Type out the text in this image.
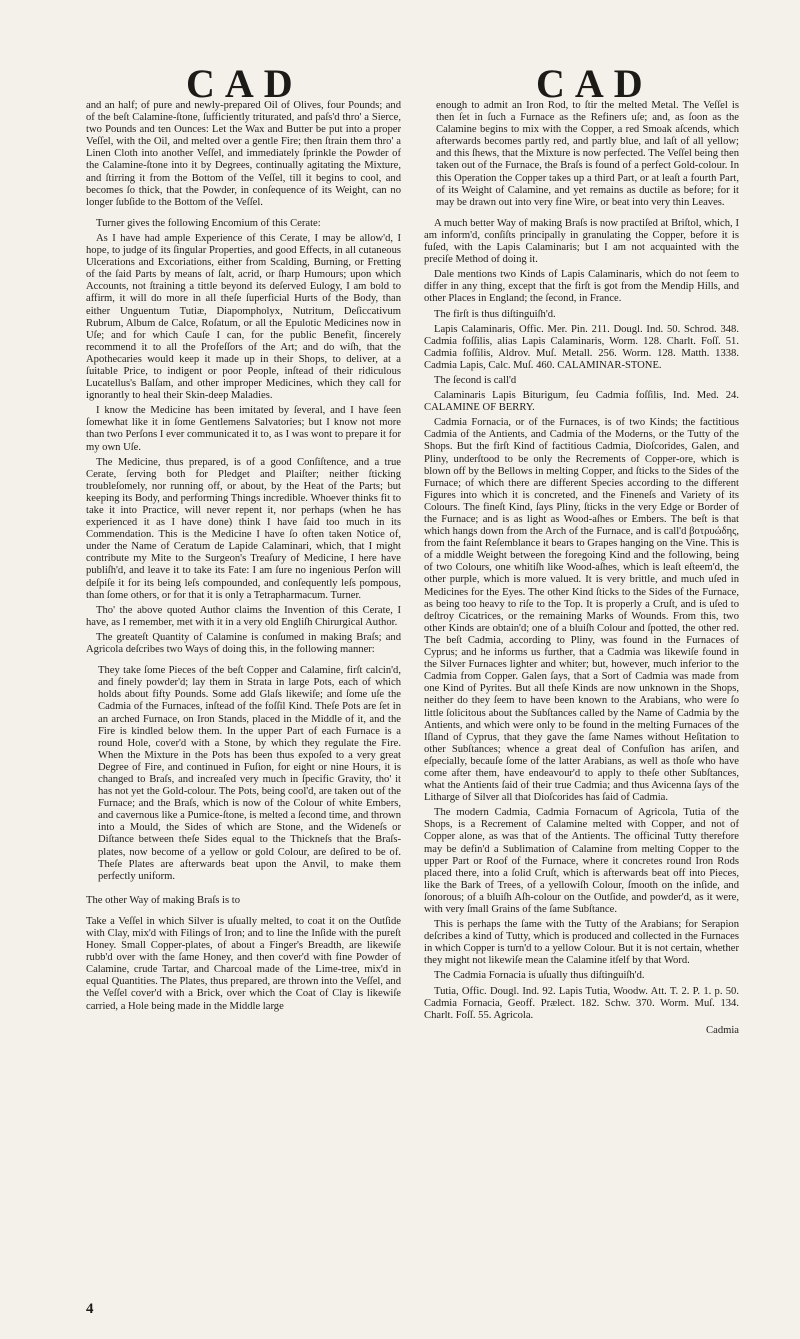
CAD	CAD

and an half; of pure and newly-prepared Oil of Olives, four Pounds; and of the beſt Calamine-ſtone, ſufficiently triturated, and paſs'd thro' a Sierce, two Pounds and ten Ounces: Let the Wax and Butter be put into a proper Veſſel, with the Oil, and melted over a gentle Fire; then ſtrain them thro' a Linen Cloth into another Veſſel, and immediately ſprinkle the Powder of the Calamine-ſtone into it by Degrees, continually agitating the Mixture, and ſtirring it from the Bottom of the Veſſel, till it begins to cool, and becomes ſo thick, that the Powder, in conſequence of its Weight, can no longer ſubſide to the Bottom of the Veſſel.

Turner gives the following Encomium of this Cerate:

As I have had ample Experience of this Cerate, I may be allow'd, I hope, to judge of its ſingular Properties, and good Effects, in all cutaneous Ulcerations and Excoriations, either from Scalding, Burning, or Fretting of the ſaid Parts by means of ſalt, acrid, or ſharp Humours; upon which Accounts, not ſtraining a tittle beyond its deſerved Eulogy, I am bold to affirm, it will do more in all theſe ſuperficial Hurts of the Body, than either Unguentum Tutiæ, Diapompholyx, Nutritum, Deſiccativum Rubrum, Album de Calce, Roſatum, or all the Epulotic Medicines now in Uſe; and for which Cauſe I can, for the public Benefit, ſincerely recommend it to all the Profeſſors of the Art; and do wiſh, that the Apothecaries would keep it made up in their Shops, to deliver, at a ſuitable Price, to indigent or poor People, inſtead of their ridiculous Lucatellus's Balſam, and other improper Medicines, which they call for ignorantly to heal their Skin-deep Maladies.

I know the Medicine has been imitated by ſeveral, and I have ſeen ſomewhat like it in ſome Gentlemens Salvatories; but I know not more than two Perſons I ever communicated it to, as I was wont to prepare it for my own Uſe.

The Medicine, thus prepared, is of a good Conſiſtence, and a true Cerate, ſerving both for Pledget and Plaiſter; neither ſticking troubleſomely, nor running off, or about, by the Heat of the Parts; but keeping its Body, and performing Things incredible. Whoever thinks fit to take it into Practice, will never repent it, nor perhaps (when he has experienced it as I have done) think I have ſaid too much in its Commendation. This is the Medicine I have ſo often taken Notice of, under the Name of Ceratum de Lapide Calaminari, which, that I might contribute my Mite to the Surgeon's Treaſury of Medicine, I here have publiſh'd, and leave it to take its Fate: I am ſure no ingenious Perſon will deſpiſe it for its being leſs compounded, and conſequently leſs pompous, than ſome others, or for that it is only a Tetrapharmacum. Turner.

Tho' the above quoted Author claims the Invention of this Cerate, I have, as I remember, met with it in a very old Engliſh Chirurgical Author.

The greateſt Quantity of Calamine is conſumed in making Braſs; and Agricola deſcribes two Ways of doing this, in the following manner:

They take ſome Pieces of the beſt Copper and Calamine, firſt calcin'd, and finely powder'd; lay them in Strata in large Pots, each of which holds about fifty Pounds. Some add Glaſs likewiſe; and ſome uſe the Cadmia of the Furnaces, inſtead of the foſſil Kind. Theſe Pots are ſet in an arched Furnace, on Iron Stands, placed in the Middle of it, and the Fire is kindled below them. In the upper Part of each Furnace is a round Hole, cover'd with a Stone, by which they regulate the Fire. When the Mixture in the Pots has been thus expoſed to a very great Degree of Fire, and continued in Fuſion, for eight or nine Hours, it is changed to Braſs, and increaſed very much in ſpecific Gravity, tho' it has not yet the Gold-colour. The Pots, being cool'd, are taken out of the Furnace; and the Braſs, which is now of the Colour of white Embers, and cavernous like a Pumice-ſtone, is melted a ſecond time, and thrown into a Mould, the Sides of which are Stone, and the Wideneſs or Diſtance between theſe Sides equal to the Thickneſs that the Braſs-plates, now become of a yellow or gold Colour, are deſired to be of. Theſe Plates are afterwards beat upon the Anvil, to make them perfectly uniform.

The other Way of making Braſs is to

Take a Veſſel in which Silver is uſually melted, to coat it on the Outſide with Clay, mix'd with Filings of Iron; and to line the Inſide with the pureſt Honey. Small Copper-plates, of about a Finger's Breadth, are likewiſe rubb'd over with the ſame Honey, and then cover'd with fine Powder of Calamine, crude Tartar, and Charcoal made of the Lime-tree, mix'd in equal Quantities. The Plates, thus prepared, are thrown into the Veſſel, and the Veſſel cover'd with a Brick, over which the Coat of Clay is likewiſe carried, a Hole being made in the Middle large

enough to admit an Iron Rod, to ſtir the melted Metal. The Veſſel is then ſet in ſuch a Furnace as the Refiners uſe; and, as ſoon as the Calamine begins to mix with the Copper, a red Smoak aſcends, which afterwards becomes partly red, and partly blue, and laſt of all yellow; and this ſhews, that the Mixture is now perfected. The Veſſel being then taken out of the Furnace, the Braſs is found of a perfect Gold-colour. In this Operation the Copper takes up a third Part, or at leaſt a fourth Part, of its Weight of Calamine, and yet remains as ductile as before; for it may be drawn out into very fine Wire, or beat into very thin Leaves.

A much better Way of making Braſs is now practiſed at Briſtol, which, I am inform'd, conſiſts principally in granulating the Copper, before it is fuſed, with the Lapis Calaminaris; but I am not acquainted with the preciſe Method of doing it.

Dale mentions two Kinds of Lapis Calaminaris, which do not ſeem to differ in any thing, except that the firſt is got from the Mendip Hills, and other Places in England; the ſecond, in France.

The firſt is thus diſtinguiſh'd.

Lapis Calaminaris, Offic. Mer. Pin. 211. Dougl. Ind. 50. Schrod. 348. Cadmia foſſilis, alias Lapis Calaminaris, Worm. 128. Charlt. Foſſ. 51. Cadmia foſſilis, Aldrov. Muſ. Metall. 256. Worm. 128. Matth. 1338. Cadmia Lapis, Calc. Muſ. 460. CALAMINAR-STONE.

The ſecond is call'd

Calaminaris Lapis Biturigum, ſeu Cadmia foſſilis, Ind. Med. 24. CALAMINE OF BERRY.

Cadmia Fornacia, or of the Furnaces, is of two Kinds; the factitious Cadmia of the Antients, and Cadmia of the Moderns, or the Tutty of the Shops. But the firſt Kind of factitious Cadmia, Dioſcorides, Galen, and Pliny, underſtood to be only the Recrements of Copper-ore, which is blown off by the Bellows in melting Copper, and ſticks to the Sides of the Furnace; of which there are different Species according to the different Figures into which it is concreted, and the Fineneſs and Variety of its Colours. The fineſt Kind, ſays Pliny, ſticks in the very Edge or Border of the Furnace; and is as light as Wood-aſhes or Embers. The beſt is that which hangs down from the Arch of the Furnace, and is call'd βοτρυώδης, from the faint Reſemblance it bears to Grapes hanging on the Vine. This is of a middle Weight between the foregoing Kind and the following, being of two Colours, one whitiſh like Wood-aſhes, which is leaſt eſteem'd, the other purple, which is more valued. It is very brittle, and much uſed in Medicines for the Eyes. The other Kind ſticks to the Sides of the Furnace, as being too heavy to riſe to the Top. It is properly a Cruſt, and is uſed to deſtroy Cicatrices, or the remaining Marks of Wounds. From this, two other Kinds are obtain'd; one of a bluiſh Colour and ſpotted, the other red. The beſt Cadmia, according to Pliny, was found in the Furnaces of Cyprus; and he informs us further, that a Cadmia was likewiſe found in the Silver Furnaces lighter and whiter; but, however, much inferior to the Cadmia from Copper. Galen ſays, that a Sort of Cadmia was made from one Kind of Pyrites. But all theſe Kinds are now unknown in the Shops, neither do they ſeem to have been known to the Arabians, who were ſo little ſolicitous about the Subſtances called by the Name of Cadmia by the Antients, and which were only to be found in the melting Furnaces of the Iſland of Cyprus, that they gave the ſame Names without Heſitation to other Subſtances; whence a great deal of Confuſion has ariſen, and eſpecially, becauſe ſome of the latter Arabians, as well as thoſe who have come after them, have endeavour'd to apply to theſe other Subſtances, what the Antients ſaid of their true Cadmia; and thus Avicenna ſays of the Litharge of Silver all that Dioſcorides has ſaid of Cadmia.

The modern Cadmia, Cadmia Fornacum of Agricola, Tutia of the Shops, is a Recrement of Calamine melted with Copper, and not of Copper alone, as was that of the Antients. The officinal Tutty therefore may be defin'd a Sublimation of Calamine from melting Copper to the upper Part or Roof of the Furnace, where it concretes round Iron Rods placed there, into a ſolid Cruſt, which is afterwards beat off into Pieces, like the Bark of Trees, of a yellowiſh Colour, ſmooth on the inſide, and ſonorous; of a bluiſh Aſh-colour on the Outſide, and powder'd, as it were, with very ſmall Grains of the ſame Subſtance.

This is perhaps the ſame with the Tutty of the Arabians; for Serapion deſcribes a kind of Tutty, which is produced and collected in the Furnaces in which Copper is turn'd to a yellow Colour. But it is not certain, whether they might not likewiſe mean the Calamine itſelf by that Word.

The Cadmia Fornacia is uſually thus diſtinguiſh'd.

Tutia, Offic. Dougl. Ind. 92. Lapis Tutia, Woodw. Att. T. 2. P. 1. p. 50. Cadmia Fornacia, Geoff. Prælect. 182. Schw. 370. Worm. Muſ. 134. Charlt. Foſſ. 55. Agricola.

Cadmia

4
